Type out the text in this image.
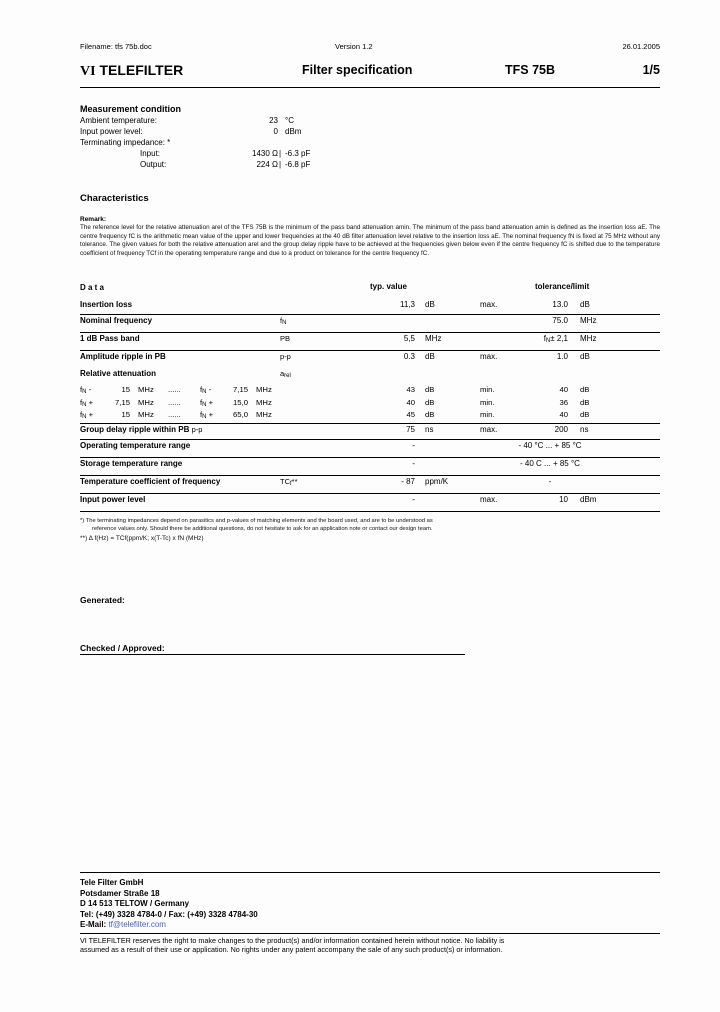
Filename: tfs 75b.doc	Version 1.2	26.01.2005
VI TELEFILTER	Filter specification	TFS 75B	1/5
Measurement condition
Ambient temperature:	23 °C
Input power level:	0 dBm
Terminating impedance: *
Input:	1430 Ω | -6.3 pF
Output:	224 Ω | -6.8 pF
Characteristics
Remark:
The reference level for the relative attenuation arel of the TFS 75B is the minimum of the pass band attenuation amin. The minimum of the pass band attenuation amin is defined as the insertion loss aE. The centre frequency fC is the arithmetic mean value of the upper and lower frequencies at the 40 dB filter attenuation level relative to the insertion loss aE. The nominal frequency fN is fixed at 75 MHz without any tolerance. The given values for both the relative attenuation arel and the group delay ripple have to be achieved at the frequencies given below even if the centre frequency fC is shifted due to the temperature coefficient of frequency TCf in the operating temperature range and due to a product on tolerance for the centre frequency fC.
D a t a	typ. value	tolerance/limit
Insertion loss	11,3 dB	max.	13.0 dB
Nominal frequency	fN	75.0 MHz
1 dB Pass band	PB	5,5 MHz	fN± 2,1 MHz
Amplitude ripple in PB	p-p	0.3 dB	max.	1.0 dB
Relative attenuation	arel
fN -	15 MHz ...... fN -	7,15 MHz	43 dB	min.	40 dB
fN +	7,15 MHz ...... fN +	15,0 MHz	40 dB	min.	36 dB
fN +	15 MHz ...... fN +	65,0 MHz	45 dB	min.	40 dB
Group delay ripple within PB p-p	75 ns	max.	200 ns
Operating temperature range	-	- 40 °C ... + 85 °C
Storage temperature range	-	- 40 C ... + 85 °C
Temperature coefficient of frequency	TCf**	- 87 ppm/K	-
Input power level	-	max.	10 dBm
*) The terminating impedances depend on parasitics and p-values of matching elements and the board used, and are to be understood as
reference values only. Should there be additional questions, do not hesitate to ask for an application note or contact our design team.
**) Δ f(Hz) = TCf(ppm/K; x(T-Tc) x fN (MHz)
Generated:
Checked / Approved:
Tele Filter GmbH
Potsdamer Straße 18
D 14 513 TELTOW / Germany
Tel: (+49) 3328 4784-0 / Fax: (+49) 3328 4784-30
E-Mail: tf@telefilter.com
VI TELEFILTER reserves the right to make changes to the product(s) and/or information contained herein without notice. No liability is
assumed as a result of their use or application. No rights under any patent accompany the sale of any such product(s) or information.
